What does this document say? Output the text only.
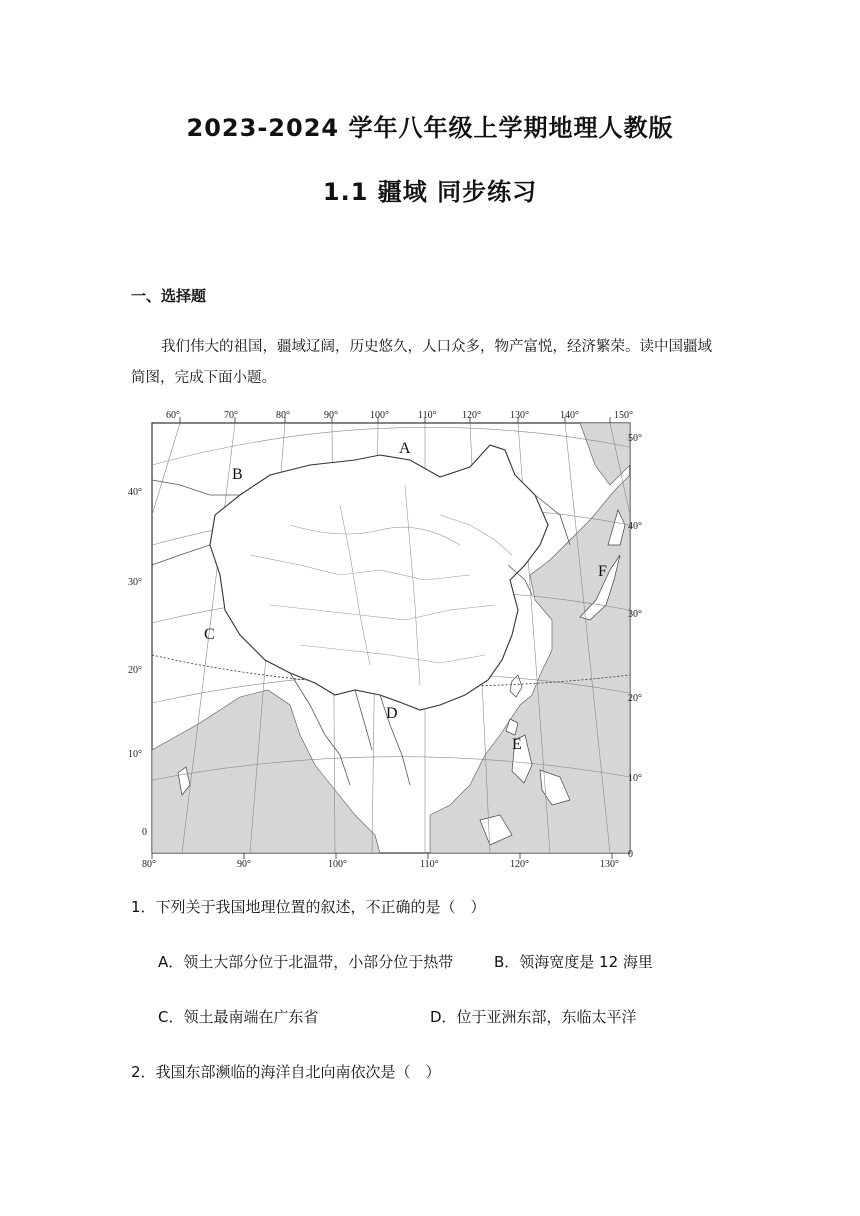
2023-2024 学年八年级上学期地理人教版
1.1 疆域 同步练习
一、选择题
我们伟大的祖国，疆域辽阔，历史悠久，人口众多，物产富悦，经济繁荣。读中国疆域简图，完成下面小题。
60°	70°	80°	90°	100°	110°	120°	130°	140°	150°
80°	90°	100°	110°	120°	130°
40°
30°
20°
10°
0
50°
40°
30°
20°
10°
0
A
B
C
D
E
F
1．下列关于我国地理位置的叙述，不正确的是（　）
A．领土大部分位于北温带，小部分位于热带	B．领海宽度是 12 海里
C．领土最南端在广东省	D．位于亚洲东部，东临太平洋
2．我国东部濒临的海洋自北向南依次是（　）
